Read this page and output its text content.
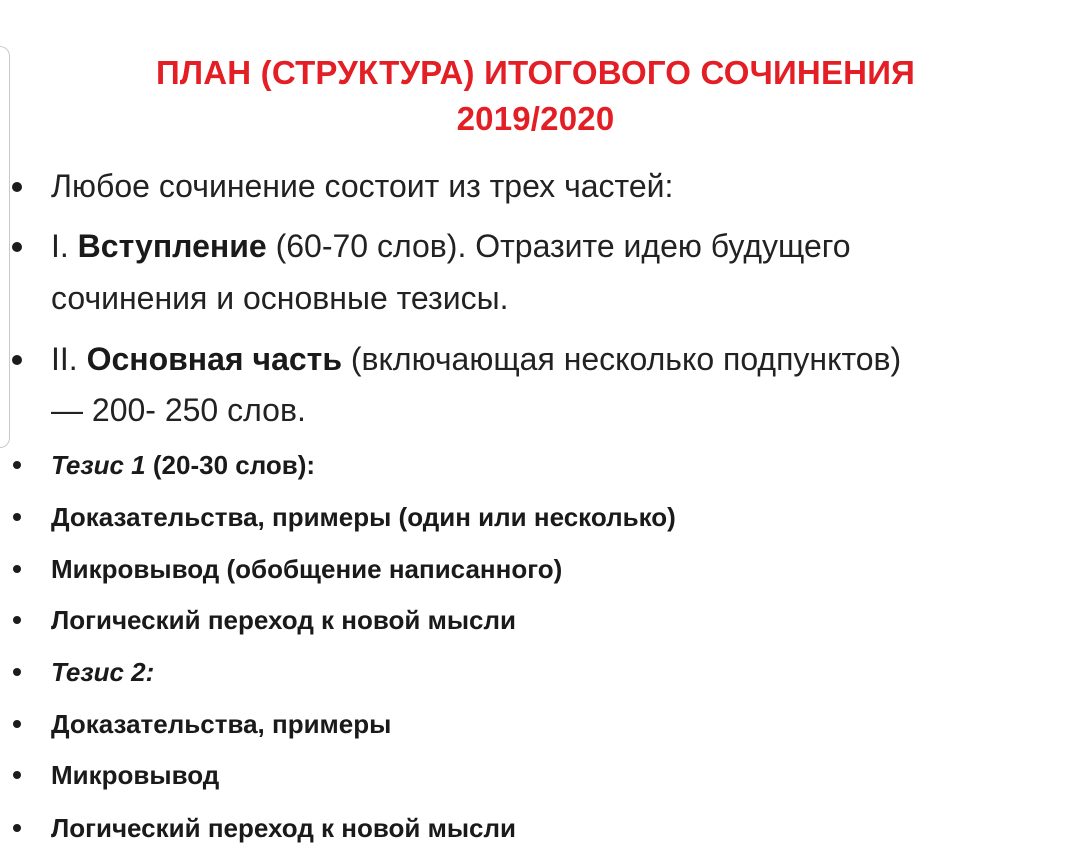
ПЛАН (СТРУКТУРА) ИТОГОВОГО СОЧИНЕНИЯ
2019/2020
Любое сочинение состоит из трех частей:
I. Вступление (60-70 слов). Отразите идею будущего
сочинения и основные тезисы.
II. Основная часть (включающая несколько подпунктов)
— 200- 250 слов.
Тезис 1 (20-30 слов):
Доказательства, примеры (один или несколько)
Микровывод (обобщение написанного)
Логический переход к новой мысли
Тезис 2:
Доказательства, примеры
Микровывод
Логический переход к новой мысли
